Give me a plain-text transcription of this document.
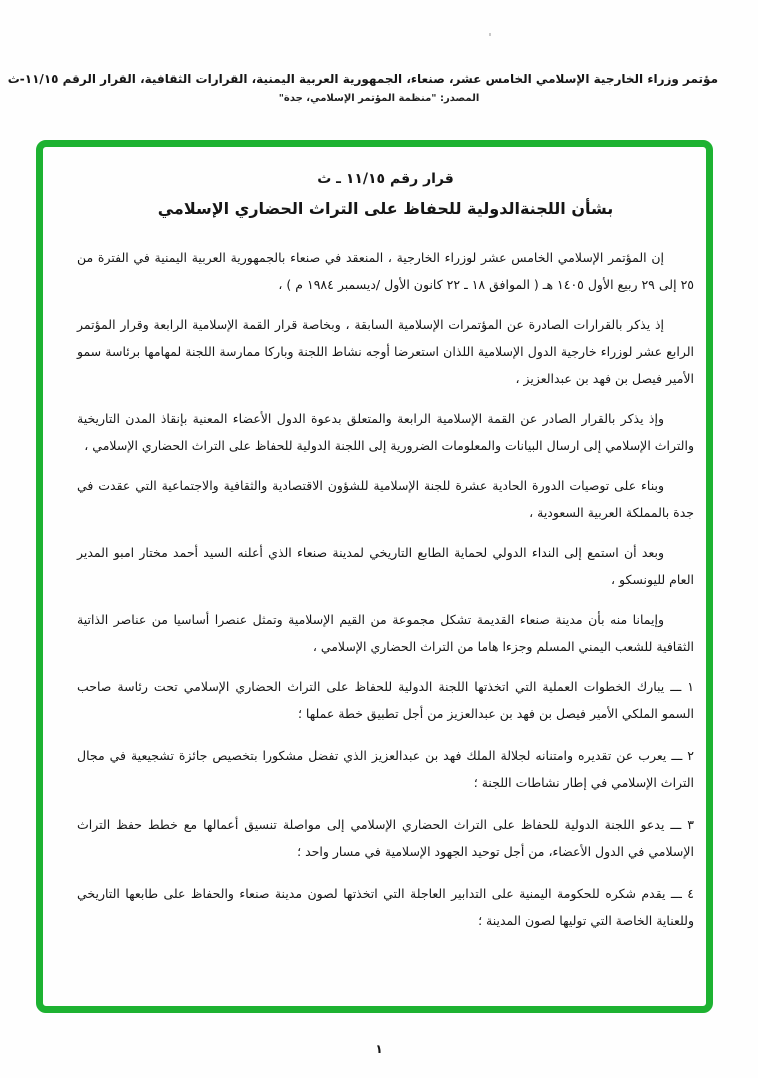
مؤتمر وزراء الخارجية الإسلامي الخامس عشر، صنعاء، الجمهورية العربية اليمنية، القرارات الثقافية، القرار الرقم ١١/١٥-ث
المصدر: "منظمة المؤتمر الإسلامي، جدة"
قرار رقم ١١/١٥ ـ ث
بشأن اللجنةالدولية للحفاظ على التراث الحضاري الإسلامي

إن المؤتمر الإسلامي الخامس عشر لوزراء الخارجية ، المنعقد في صنعاء بالجمهورية العربية اليمنية في الفترة من ٢٥ إلى ٢٩ ربيع الأول ١٤٠٥ هـ ( الموافق ١٨ ـ ٢٢ كانون الأول /ديسمبر ١٩٨٤ م ) ،

إذ يذكر بالقرارات الصادرة عن المؤتمرات الإسلامية السابقة ، وبخاصة قرار القمة الإسلامية الرابعة وقرار المؤتمر الرابع عشر لوزراء خارجية الدول الإسلامية اللذان استعرضا أوجه نشاط اللجنة وباركا ممارسة اللجنة لمهامها برئاسة سمو الأمير فيصل بن فهد بن عبدالعزيز ،

وإذ يذكر بالقرار الصادر عن القمة الإسلامية الرابعة والمتعلق بدعوة الدول الأعضاء المعنية بإنقاذ المدن التاريخية والتراث الإسلامي إلى ارسال البيانات والمعلومات الضرورية إلى اللجنة الدولية للحفاظ على التراث الحضاري الإسلامي ،

وبناء على توصيات الدورة الحادية عشرة للجنة الإسلامية للشؤون الاقتصادية والثقافية والاجتماعية التي عقدت في جدة بالمملكة العربية السعودية ،

وبعد أن استمع إلى النداء الدولي لحماية الطابع التاريخي لمدينة صنعاء الذي أعلنه السيد أحمد مختار امبو المدير العام لليونسكو ،

وإيمانا منه بأن مدينة صنعاء القديمة تشكل مجموعة من القيم الإسلامية وتمثل عنصرا أساسيا من عناصر الذاتية الثقافية للشعب اليمني المسلم وجزءا هاما من التراث الحضاري الإسلامي ،

١ ـــ يبارك الخطوات العملية التي اتخذتها اللجنة الدولية للحفاظ على التراث الحضاري الإسلامي تحت رئاسة صاحب السمو الملكي الأمير فيصل بن فهد بن عبدالعزيز من أجل تطبيق خطة عملها ؛

٢ ـــ يعرب عن تقديره وامتنانه لجلالة الملك فهد بن عبدالعزيز الذي تفضل مشكورا بتخصيص جائزة تشجيعية في مجال التراث الإسلامي في إطار نشاطات اللجنة ؛

٣ ـــ يدعو اللجنة الدولية للحفاظ على التراث الحضاري الإسلامي إلى مواصلة تنسيق أعمالها مع خطط حفظ التراث الإسلامي في الدول الأعضاء، من أجل توحيد الجهود الإسلامية في مسار واحد ؛

٤ ـــ يقدم شكره للحكومة اليمنية على التدابير العاجلة التي اتخذتها لصون مدينة صنعاء والحفاظ على طابعها التاريخي وللعناية الخاصة التي توليها لصون المدينة ؛

١
